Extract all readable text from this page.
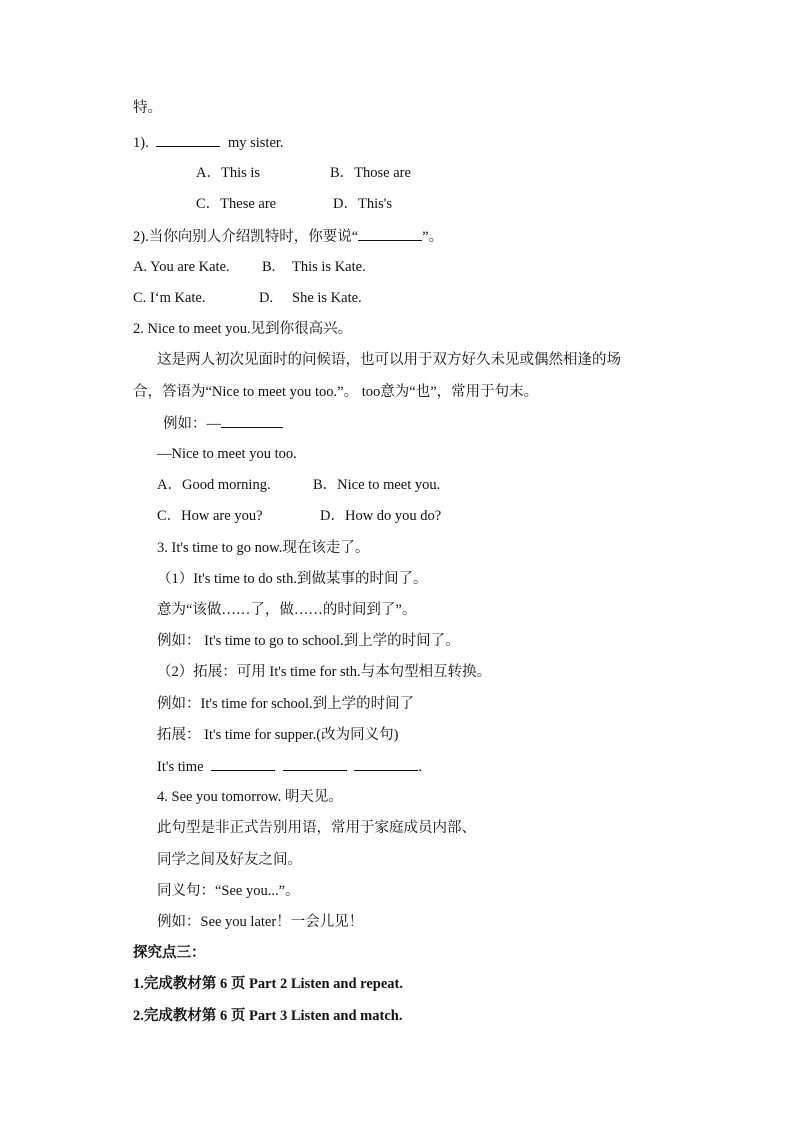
特。
1).	my sister.
A．This is	B．Those are
C．These are	D．This's
2).当你向别人介绍凯特时，你要说“	”。
A. You are Kate. B. This is Kate.
C. I‘m Kate.	D. She is Kate.
2. Nice to meet you.见到你很高兴。
这是两人初次见面时的问候语，也可以用于双方好久未见或偶然相逢的场
合，答语为“Nice to meet you too.”。 too意为“也”，常用于句末。
例如：—
—Nice to meet you too.
A．Good morning.	B．Nice to meet you.
C．How are you?	D．How do you do?
3. It's time to go now.现在该走了。
（1）It's time to do sth.到做某事的时间了。
意为“该做……了，做……的时间到了”。
例如： It's time to go to school.到上学的时间了。
（2）拓展：可用 It's time for sth.与本句型相互转换。
例如：It's time for school.到上学的时间了
拓展： It's time for supper.(改为同义句)
It's time	.
4. See you tomorrow. 明天见。
此句型是非正式告别用语，常用于家庭成员内部、
同学之间及好友之间。
同义句：“See you...”。
例如：See you later！一会儿见！
探究点三：
1.完成教材第 6 页 Part 2 Listen and repeat.
2.完成教材第 6 页 Part 3 Listen and match.
